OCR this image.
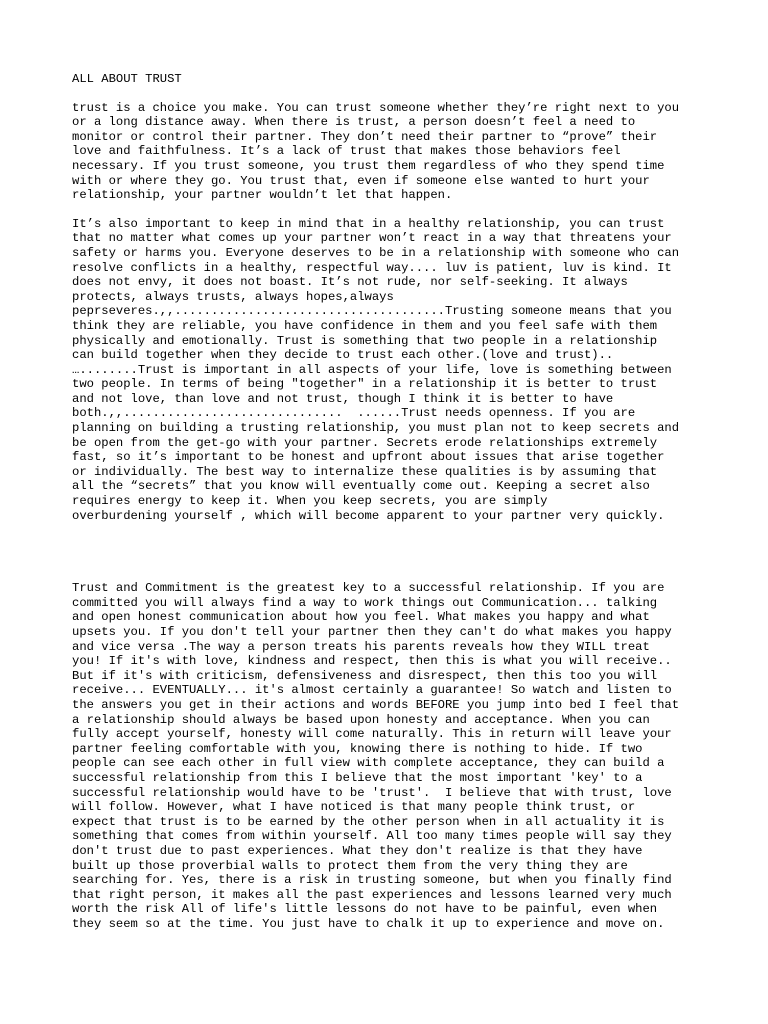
ALL ABOUT TRUST

trust is a choice you make. You can trust someone whether they’re right next to you
or a long distance away. When there is trust, a person doesn’t feel a need to
monitor or control their partner. They don’t need their partner to “prove” their
love and faithfulness. It’s a lack of trust that makes those behaviors feel
necessary. If you trust someone, you trust them regardless of who they spend time
with or where they go. You trust that, even if someone else wanted to hurt your
relationship, your partner wouldn’t let that happen.

It’s also important to keep in mind that in a healthy relationship, you can trust
that no matter what comes up your partner won’t react in a way that threatens your
safety or harms you. Everyone deserves to be in a relationship with someone who can
resolve conflicts in a healthy, respectful way.... luv is patient, luv is kind. It
does not envy, it does not boast. It’s not rude, nor self-seeking. It always
protects, always trusts, always hopes,always
peprseveres.,,.....................................Trusting someone means that you
think they are reliable, you have confidence in them and you feel safe with them
physically and emotionally. Trust is something that two people in a relationship
can build together when they decide to trust each other.(love and trust)..
…........Trust is important in all aspects of your life, love is something between
two people. In terms of being "together" in a relationship it is better to trust
and not love, than love and not trust, though I think it is better to have
both.,,..............................  ......Trust needs openness. If you are
planning on building a trusting relationship, you must plan not to keep secrets and
be open from the get-go with your partner. Secrets erode relationships extremely
fast, so it’s important to be honest and upfront about issues that arise together
or individually. The best way to internalize these qualities is by assuming that
all the “secrets” that you know will eventually come out. Keeping a secret also
requires energy to keep it. When you keep secrets, you are simply
overburdening yourself , which will become apparent to your partner very quickly.

Trust and Commitment is the greatest key to a successful relationship. If you are
committed you will always find a way to work things out Communication... talking
and open honest communication about how you feel. What makes you happy and what
upsets you. If you don't tell your partner then they can't do what makes you happy
and vice versa .The way a person treats his parents reveals how they WILL treat
you! If it's with love, kindness and respect, then this is what you will receive..
But if it's with criticism, defensiveness and disrespect, then this too you will
receive... EVENTUALLY... it's almost certainly a guarantee! So watch and listen to
the answers you get in their actions and words BEFORE you jump into bed I feel that
a relationship should always be based upon honesty and acceptance. When you can
fully accept yourself, honesty will come naturally. This in return will leave your
partner feeling comfortable with you, knowing there is nothing to hide. If two
people can see each other in full view with complete acceptance, they can build a
successful relationship from this I believe that the most important 'key' to a
successful relationship would have to be 'trust'.  I believe that with trust, love
will follow. However, what I have noticed is that many people think trust, or
expect that trust is to be earned by the other person when in all actuality it is
something that comes from within yourself. All too many times people will say they
don't trust due to past experiences. What they don't realize is that they have
built up those proverbial walls to protect them from the very thing they are
searching for. Yes, there is a risk in trusting someone, but when you finally find
that right person, it makes all the past experiences and lessons learned very much
worth the risk All of life's little lessons do not have to be painful, even when
they seem so at the time. You just have to chalk it up to experience and move on.
